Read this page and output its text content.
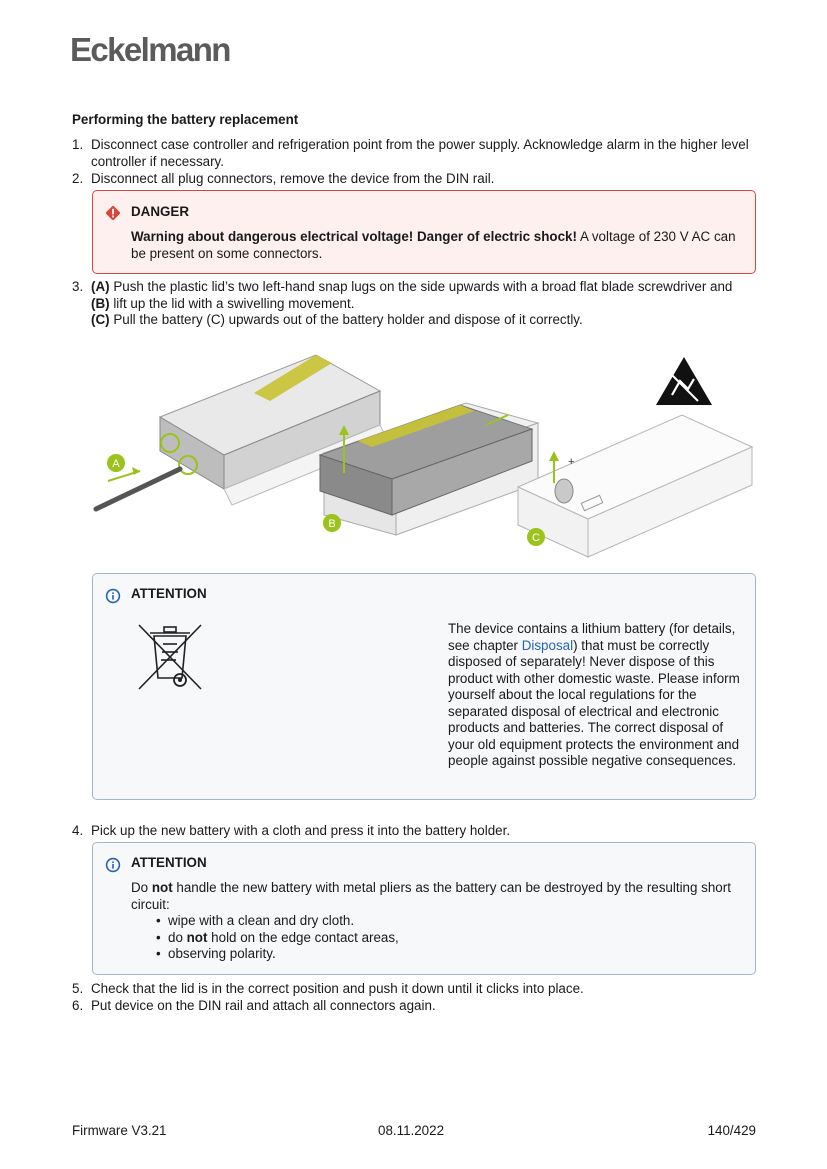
Eckelmann
Performing the battery replacement
1. Disconnect case controller and refrigeration point from the power supply. Acknowledge alarm in the higher level controller if necessary.
2. Disconnect all plug connectors, remove the device from the DIN rail.
DANGER
Warning about dangerous electrical voltage! Danger of electric shock! A voltage of 230 V AC can be present on some connectors.
3. (A) Push the plastic lid’s two left-hand snap lugs on the side upwards with a broad flat blade screwdriver and
(B) lift up the lid with a swivelling movement.
(C) Pull the battery (C) upwards out of the battery holder and dispose of it correctly.
A
B
+
C
ATTENTION
The device contains a lithium battery (for details, see chapter Disposal) that must be correctly disposed of separately! Never dispose of this product with other domestic waste. Please inform yourself about the local regulations for the separated disposal of electrical and electronic products and batteries. The correct disposal of your old equipment protects the environment and people against possible negative consequences.
4. Pick up the new battery with a cloth and press it into the battery holder.
ATTENTION
Do not handle the new battery with metal pliers as the battery can be destroyed by the resulting short circuit:
• wipe with a clean and dry cloth.
• do not hold on the edge contact areas,
• observing polarity.
5. Check that the lid is in the correct position and push it down until it clicks into place.
6. Put device on the DIN rail and attach all connectors again.
Firmware V3.21	08.11.2022	140/429
